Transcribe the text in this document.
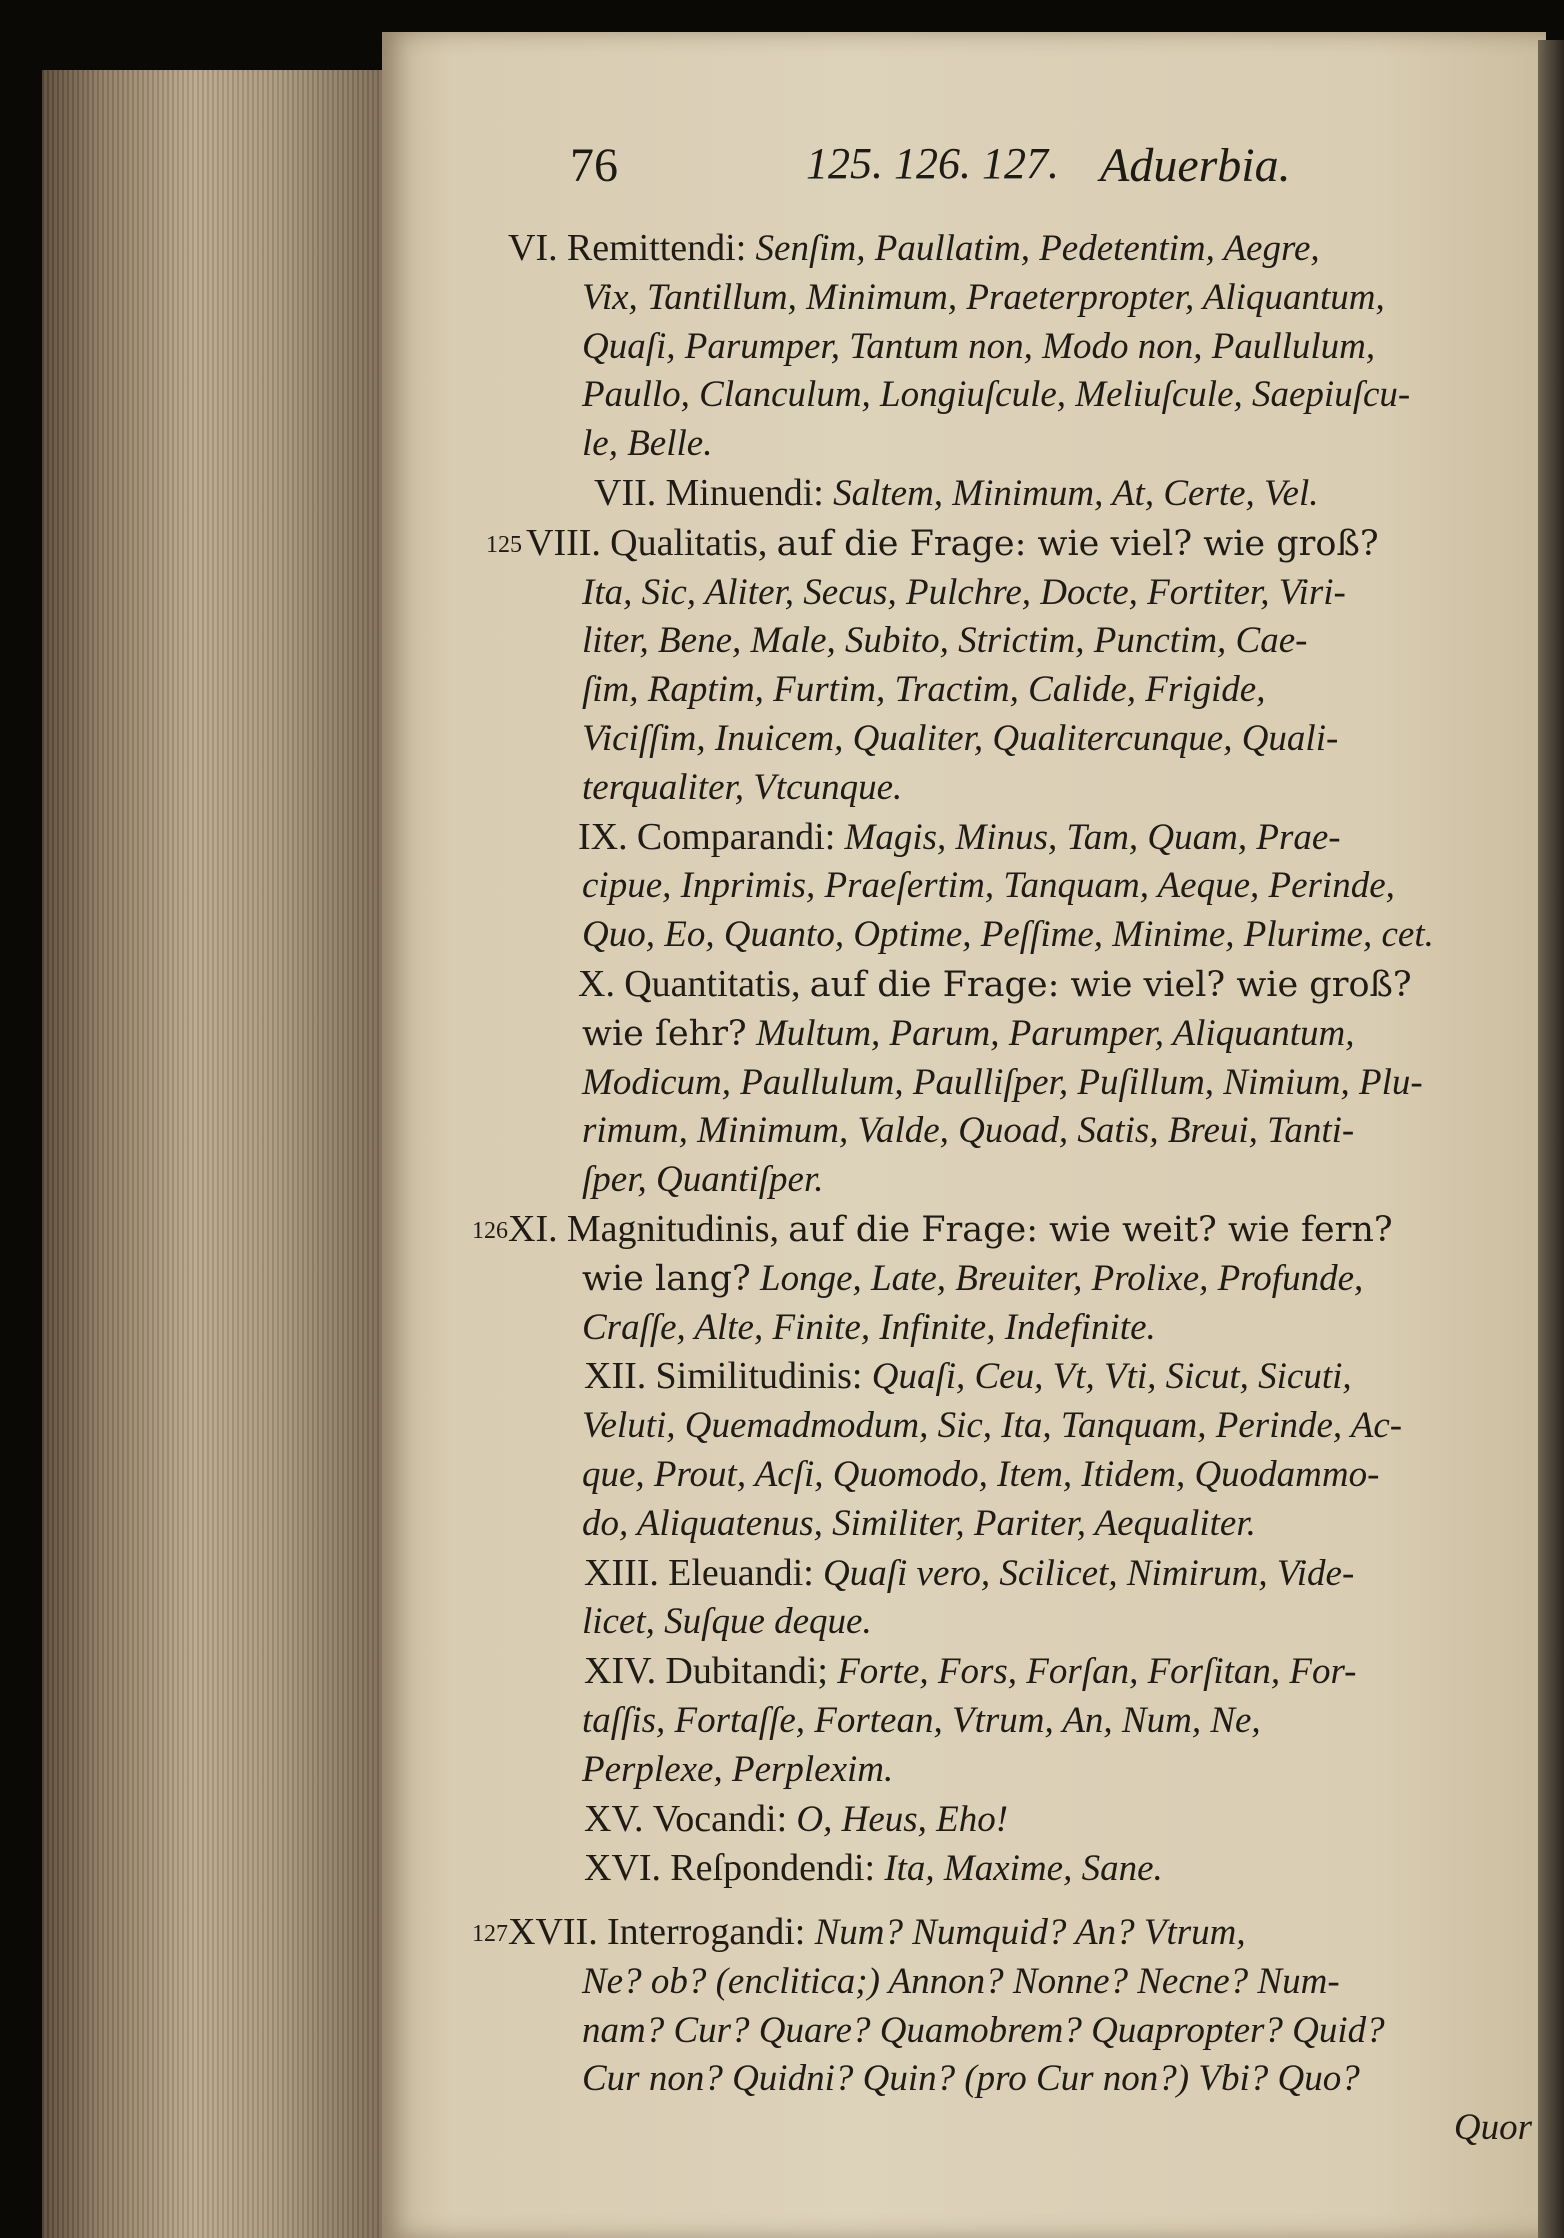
76	125. 126. 127. Aduerbia.
VI. Remittendi: Senſim, Paullatim, Pedetentim, Aegre,
Vix, Tantillum, Minimum, Praeterpropter, Aliquantum,
Quaſi, Parumper, Tantum non, Modo non, Paullulum,
Paullo, Clanculum, Longiuſcule, Meliuſcule, Saepiuſcu-
le, Belle.
VII. Minuendi: Saltem, Minimum, At, Certe, Vel.
125 VIII. Qualitatis, auf die Frage: wie viel? wie groß?
Ita, Sic, Aliter, Secus, Pulchre, Docte, Fortiter, Viri-
liter, Bene, Male, Subito, Strictim, Punctim, Cae-
ſim, Raptim, Furtim, Tractim, Calide, Frigide,
Viciſſim, Inuicem, Qualiter, Qualitercunque, Quali-
terqualiter, Vtcunque.
IX. Comparandi: Magis, Minus, Tam, Quam, Prae-
cipue, Inprimis, Praeſertim, Tanquam, Aeque, Perinde,
Quo, Eo, Quanto, Optime, Peſſime, Minime, Plurime, cet.
X. Quantitatis, auf die Frage: wie viel? wie groß?
wie ſehr? Multum, Parum, Parumper, Aliquantum,
Modicum, Paullulum, Paulliſper, Puſillum, Nimium, Plu-
rimum, Minimum, Valde, Quoad, Satis, Breui, Tanti-
ſper, Quantiſper.
126 XI. Magnitudinis, auf die Frage: wie weit? wie fern?
wie lang? Longe, Late, Breuiter, Prolixe, Profunde,
Craſſe, Alte, Finite, Infinite, Indefinite.
XII. Similitudinis: Quaſi, Ceu, Vt, Vti, Sicut, Sicuti,
Veluti, Quemadmodum, Sic, Ita, Tanquam, Perinde, Ac-
que, Prout, Acſi, Quomodo, Item, Itidem, Quodammo-
do, Aliquatenus, Similiter, Pariter, Aequaliter.
XIII. Eleuandi: Quaſi vero, Scilicet, Nimirum, Vide-
licet, Suſque deque.
XIV. Dubitandi; Forte, Fors, Forſan, Forſitan, For-
taſſis, Fortaſſe, Fortean, Vtrum, An, Num, Ne,
Perplexe, Perplexim.
XV. Vocandi: O, Heus, Eho!
XVI. Reſpondendi: Ita, Maxime, Sane.
127 XVII. Interrogandi: Num? Numquid? An? Vtrum,
Ne? ob? (enclitica;) Annon? Nonne? Necne? Num-
nam? Cur? Quare? Quamobrem? Quapropter? Quid?
Cur non? Quidni? Quin? (pro Cur non?) Vbi? Quo?
Quor
